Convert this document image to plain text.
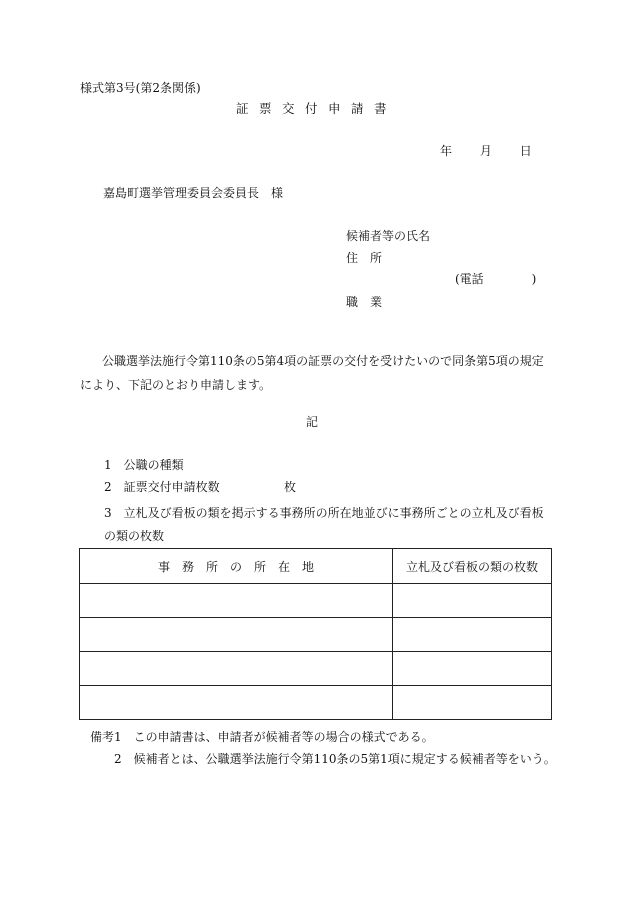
様式第3号(第2条関係)
証票交付申請書
年 月 日
嘉島町選挙管理委員会委員長　様
候補者等の氏名
住　所
(電話　　　　)
職　業
公職選挙法施行令第110条の5第4項の証票の交付を受けたいので同条第5項の規定により、下記のとおり申請します。
記
1　公職の種類
2　証票交付申請枚数	枚
3　立札及び看板の類を掲示する事務所の所在地並びに事務所ごとの立札及び看板の類の枚数
事　務　所　の　所　在　地	立札及び看板の類の枚数

備考1　この申請書は、申請者が候補者等の場合の様式である。
2　候補者とは、公職選挙法施行令第110条の5第1項に規定する候補者等をいう。
